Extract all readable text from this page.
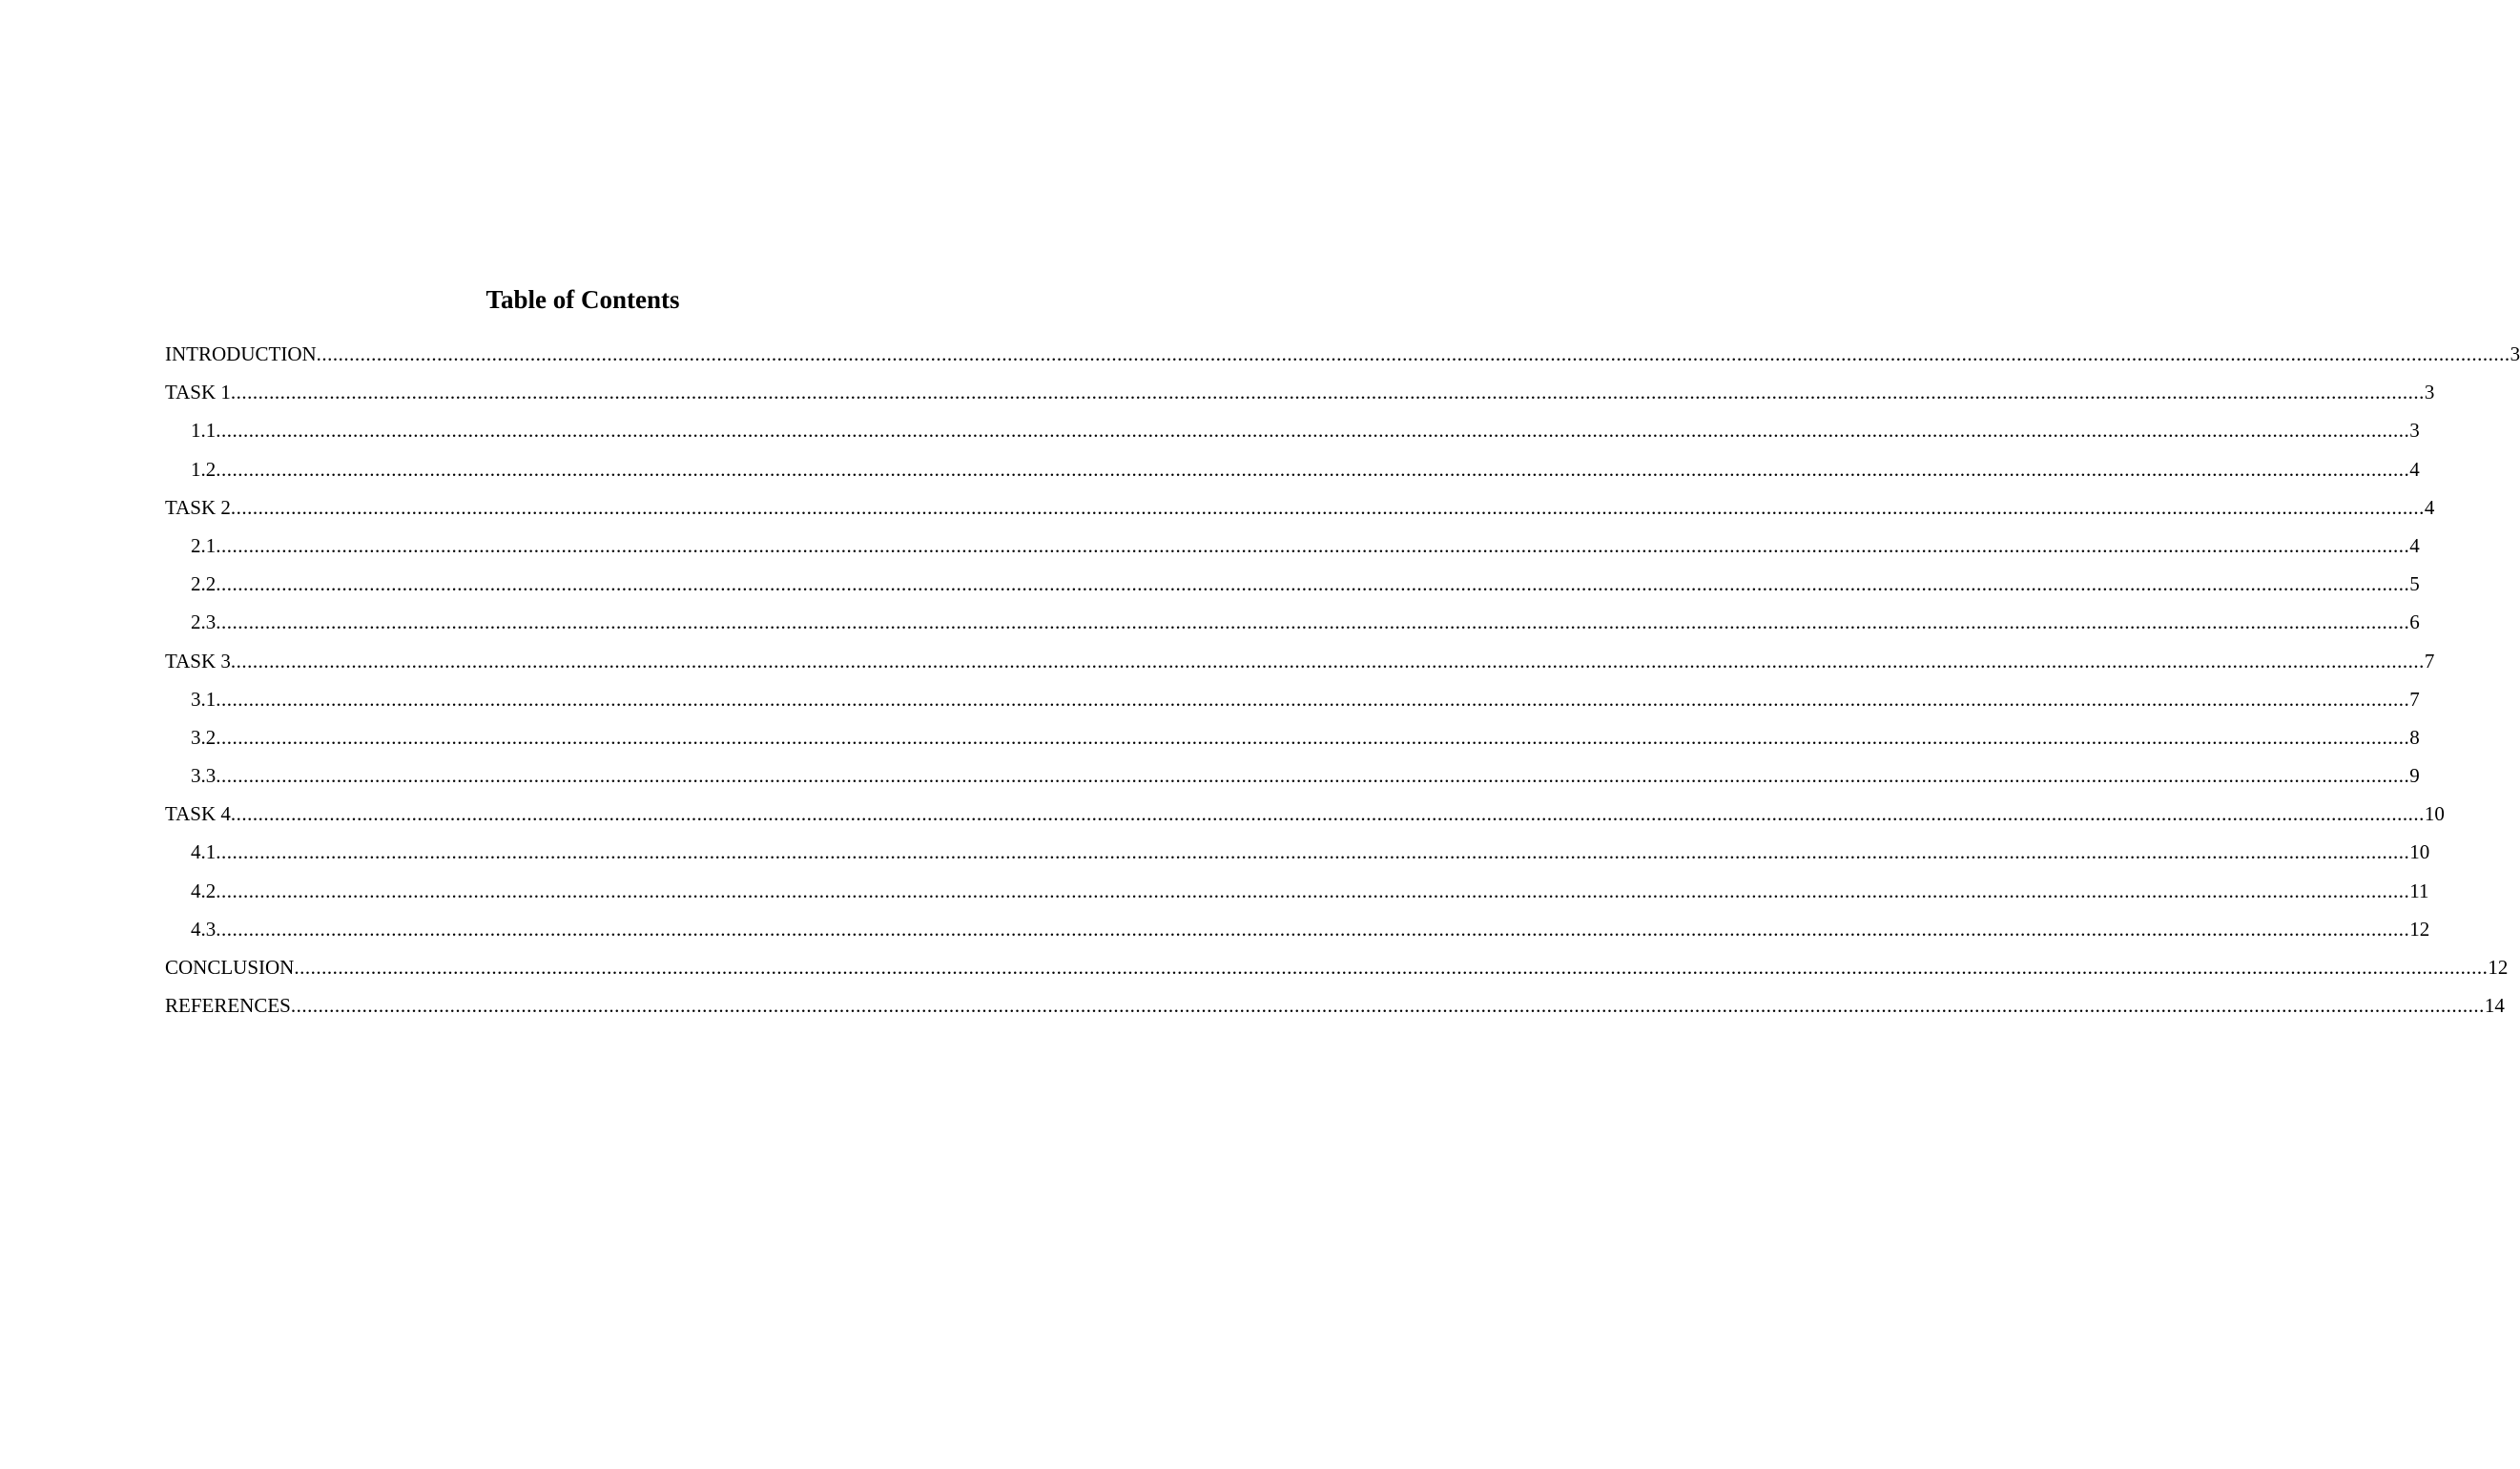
Table of Contents
INTRODUCTION ................................................................................................................................................................................................................................................................................................................................................................................................................ 3
TASK 1 ................................................................................................................................................................................................................................................................................................................................................................................................................ 3
1.1 ................................................................................................................................................................................................................................................................................................................................................................................................................ 3
1.2 ................................................................................................................................................................................................................................................................................................................................................................................................................ 4
TASK 2 ................................................................................................................................................................................................................................................................................................................................................................................................................ 4
2.1 ................................................................................................................................................................................................................................................................................................................................................................................................................ 4
2.2 ................................................................................................................................................................................................................................................................................................................................................................................................................ 5
2.3 ................................................................................................................................................................................................................................................................................................................................................................................................................ 6
TASK 3 ................................................................................................................................................................................................................................................................................................................................................................................................................ 7
3.1 ................................................................................................................................................................................................................................................................................................................................................................................................................ 7
3.2 ................................................................................................................................................................................................................................................................................................................................................................................................................ 8
3.3 ................................................................................................................................................................................................................................................................................................................................................................................................................ 9
TASK 4 ................................................................................................................................................................................................................................................................................................................................................................................................................ 10
4.1 ................................................................................................................................................................................................................................................................................................................................................................................................................ 10
4.2 ................................................................................................................................................................................................................................................................................................................................................................................................................ 11
4.3 ................................................................................................................................................................................................................................................................................................................................................................................................................ 12
CONCLUSION ................................................................................................................................................................................................................................................................................................................................................................................................................ 12
REFERENCES ................................................................................................................................................................................................................................................................................................................................................................................................................ 14
